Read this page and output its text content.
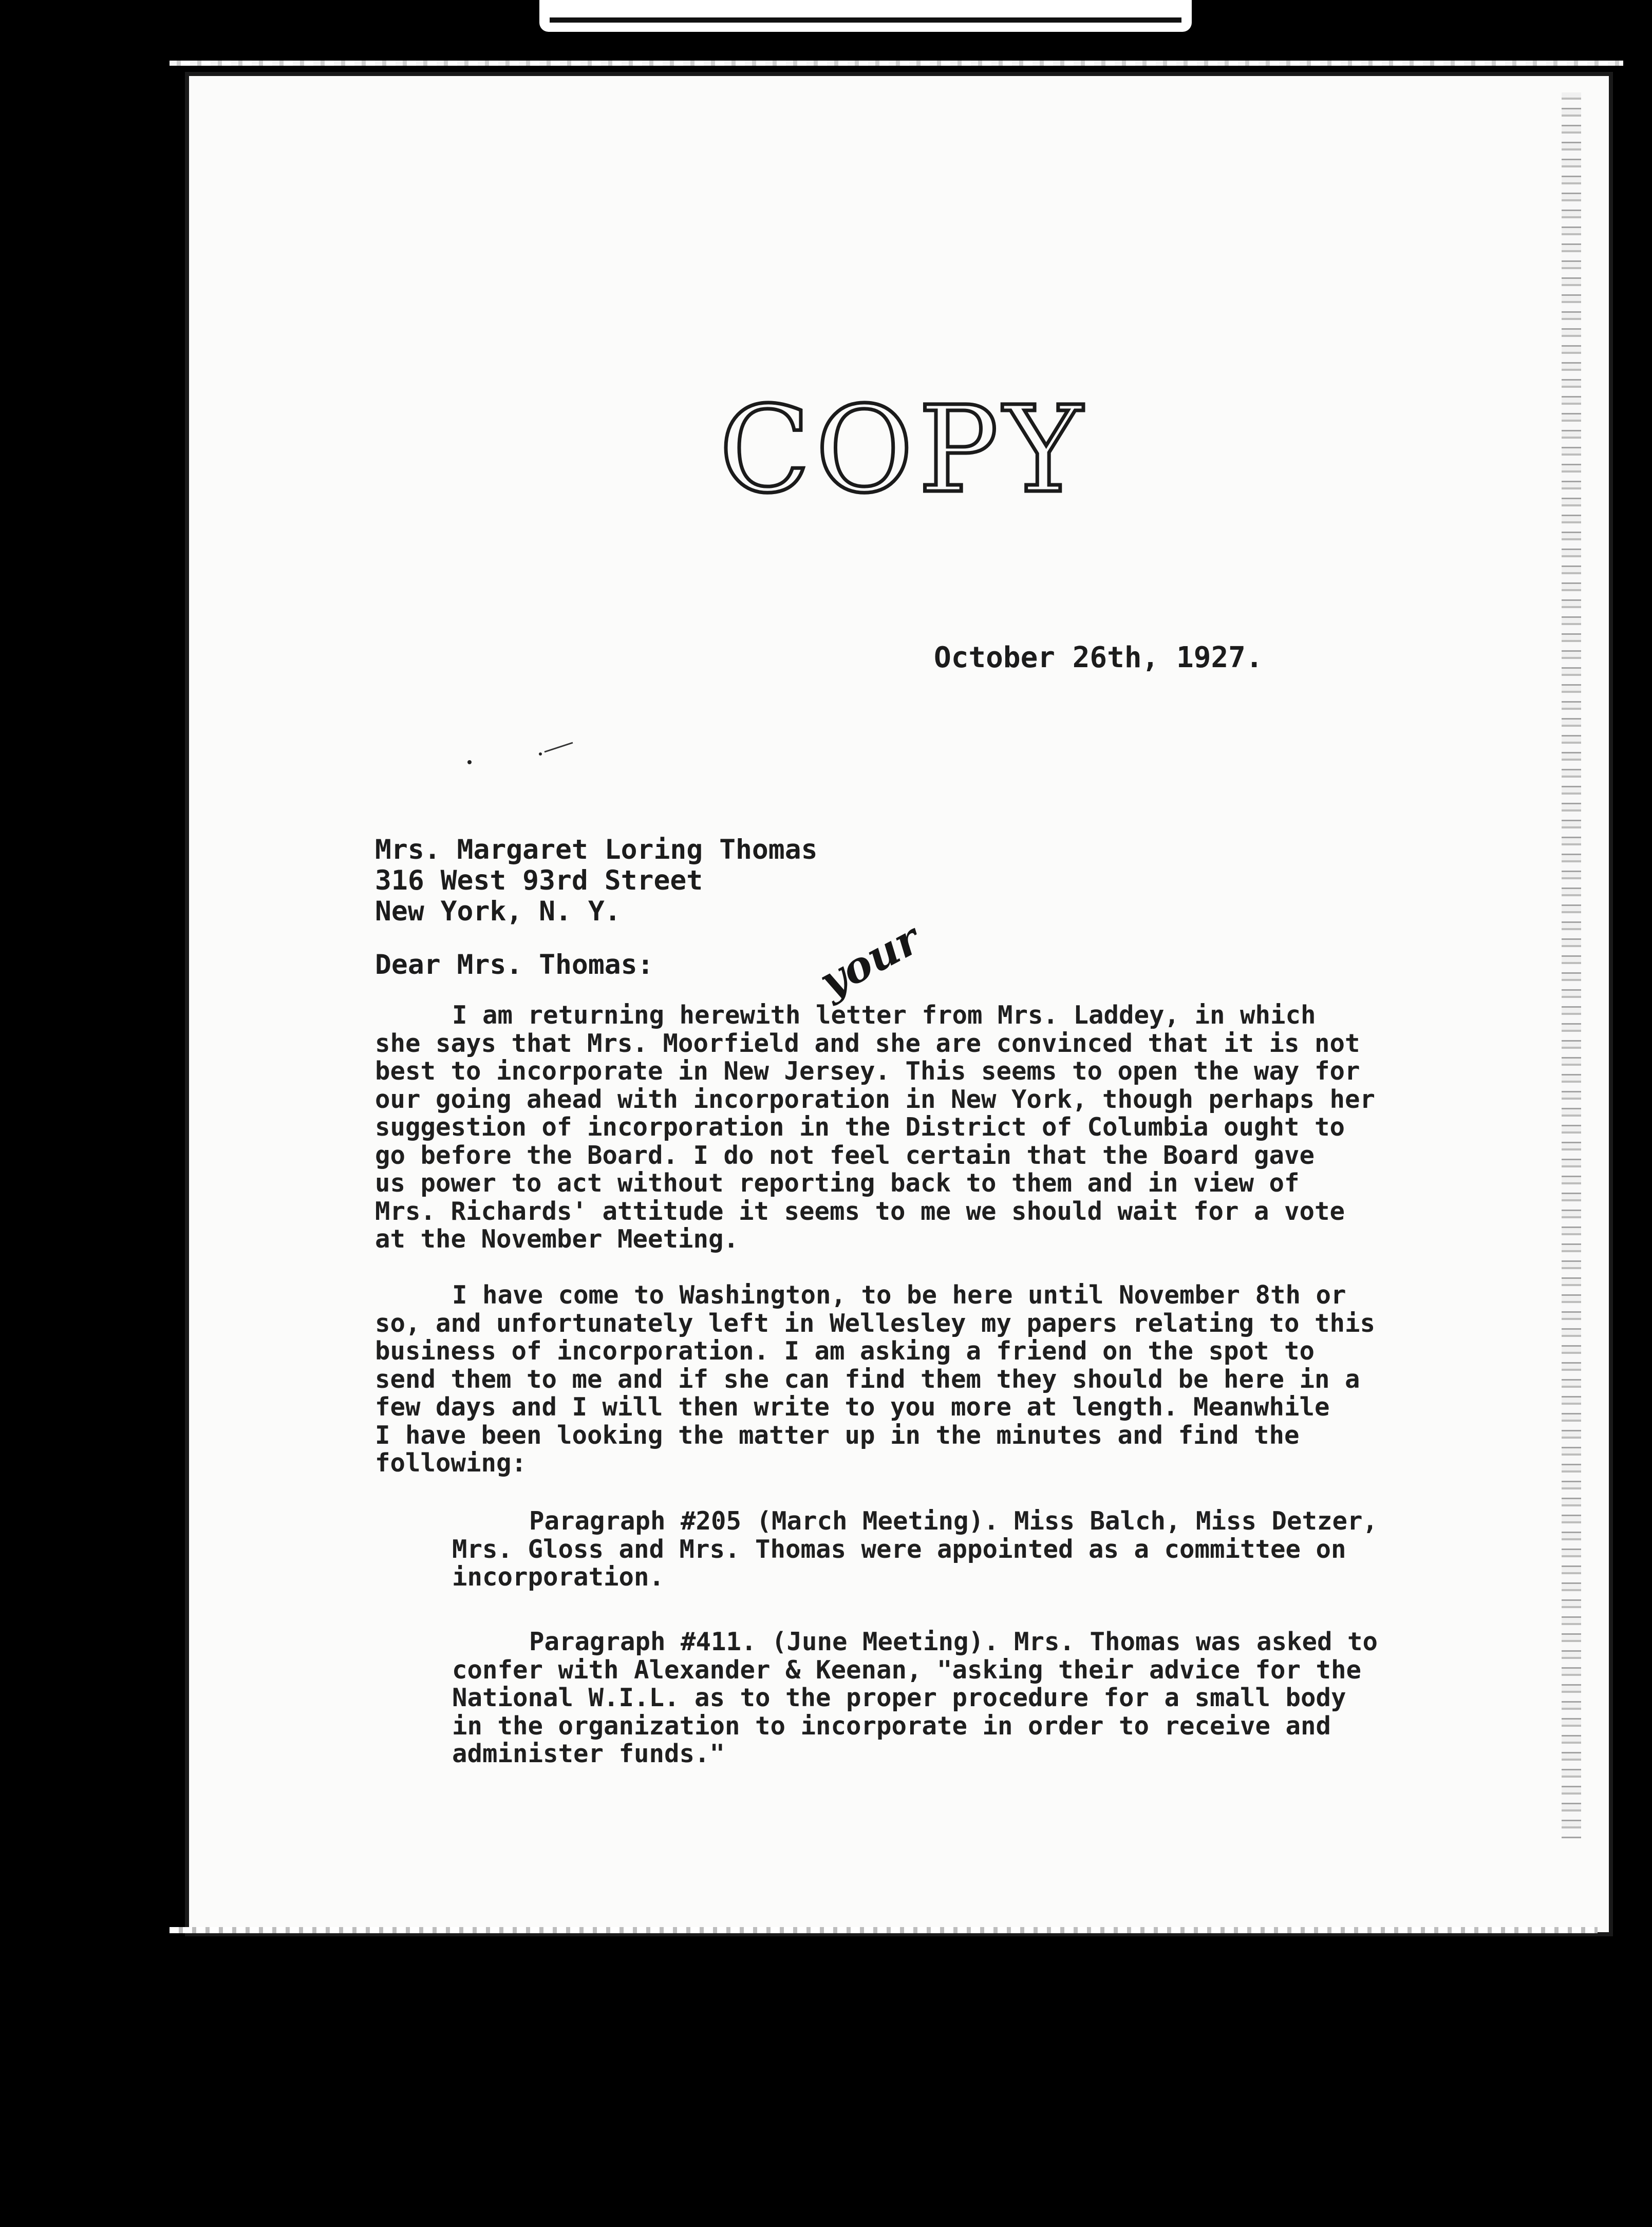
COPY
October 26th, 1927.
Mrs. Margaret Loring Thomas
316 West 93rd Street
New York, N. Y.
Dear Mrs. Thomas:	your
I am returning herewith letter from Mrs. Laddey, in which
she says that Mrs. Moorfield and she are convinced that it is not
best to incorporate in New Jersey. This seems to open the way for
our going ahead with incorporation in New York, though perhaps her
suggestion of incorporation in the District of Columbia ought to
go before the Board. I do not feel certain that the Board gave
us power to act without reporting back to them and in view of
Mrs. Richards' attitude it seems to me we should wait for a vote
at the November Meeting.
I have come to Washington, to be here until November 8th or
so, and unfortunately left in Wellesley my papers relating to this
business of incorporation. I am asking a friend on the spot to
send them to me and if she can find them they should be here in a
few days and I will then write to you more at length. Meanwhile
I have been looking the matter up in the minutes and find the
following:
Paragraph #205 (March Meeting). Miss Balch, Miss Detzer,
Mrs. Gloss and Mrs. Thomas were appointed as a committee on
incorporation.
Paragraph #411. (June Meeting). Mrs. Thomas was asked to
confer with Alexander & Keenan, "asking their advice for the
National W.I.L. as to the proper procedure for a small body
in the organization to incorporate in order to receive and
administer funds."
